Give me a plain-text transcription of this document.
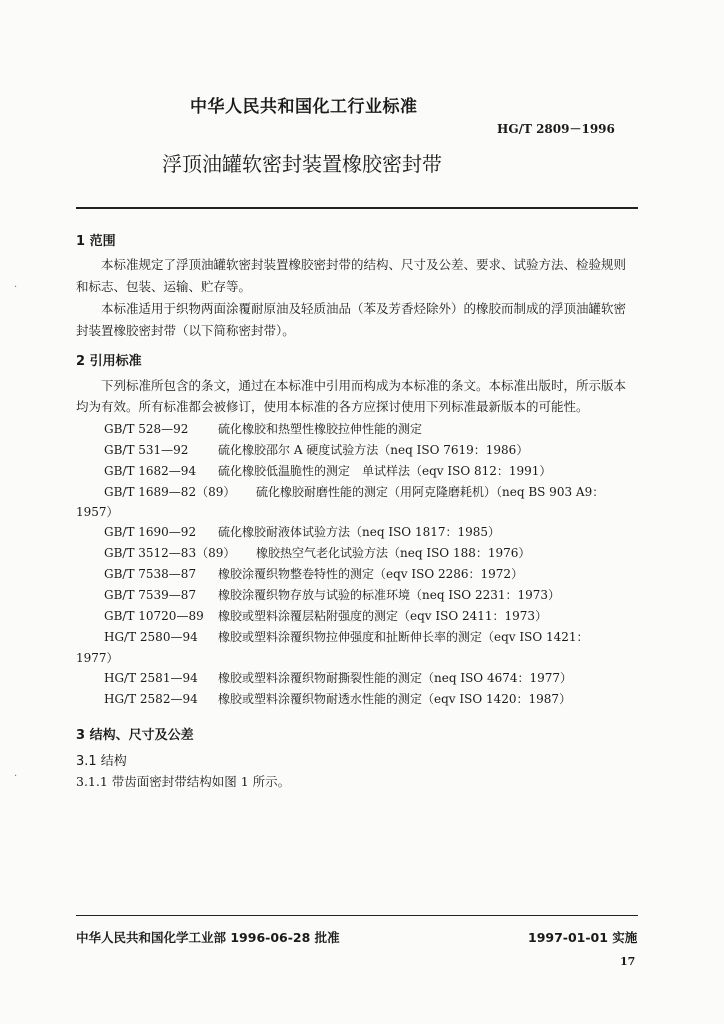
中华人民共和国化工行业标准
HG/T 2809－1996
浮顶油罐软密封装置橡胶密封带
1 范围
本标准规定了浮顶油罐软密封装置橡胶密封带的结构、尺寸及公差、要求、试验方法、检验规则
和标志、包装、运输、贮存等。
本标准适用于织物两面涂覆耐原油及轻质油品（苯及芳香烃除外）的橡胶而制成的浮顶油罐软密
封装置橡胶密封带（以下简称密封带）。
2 引用标准
下列标准所包含的条文，通过在本标准中引用而构成为本标准的条文。本标准出版时，所示版本
均为有效。所有标准都会被修订，使用本标准的各方应探讨使用下列标准最新版本的可能性。
GB/T 528—92 硫化橡胶和热塑性橡胶拉伸性能的测定
GB/T 531—92 硫化橡胶邵尔 A 硬度试验方法（neq ISO 7619：1986）
GB/T 1682—94 硫化橡胶低温脆性的测定　单试样法（eqv ISO 812：1991）
GB/T 1689—82（89） 硫化橡胶耐磨性能的测定（用阿克隆磨耗机）（neq BS 903 A9：
1957）
GB/T 1690—92 硫化橡胶耐液体试验方法（neq ISO 1817：1985）
GB/T 3512—83（89） 橡胶热空气老化试验方法（neq ISO 188：1976）
GB/T 7538—87 橡胶涂覆织物整卷特性的测定（eqv ISO 2286：1972）
GB/T 7539—87 橡胶涂覆织物存放与试验的标准环境（neq ISO 2231：1973）
GB/T 10720—89 橡胶或塑料涂覆层粘附强度的测定（eqv ISO 2411：1973）
HG/T 2580—94 橡胶或塑料涂覆织物拉伸强度和扯断伸长率的测定（eqv ISO 1421：
1977）
HG/T 2581—94 橡胶或塑料涂覆织物耐撕裂性能的测定（neq ISO 4674：1977）
HG/T 2582—94 橡胶或塑料涂覆织物耐透水性能的测定（eqv ISO 1420：1987）
3 结构、尺寸及公差
3.1 结构
3.1.1 带齿面密封带结构如图 1 所示。
·
·
中华人民共和国化学工业部 1996-06-28 批准	1997-01-01 实施
17
